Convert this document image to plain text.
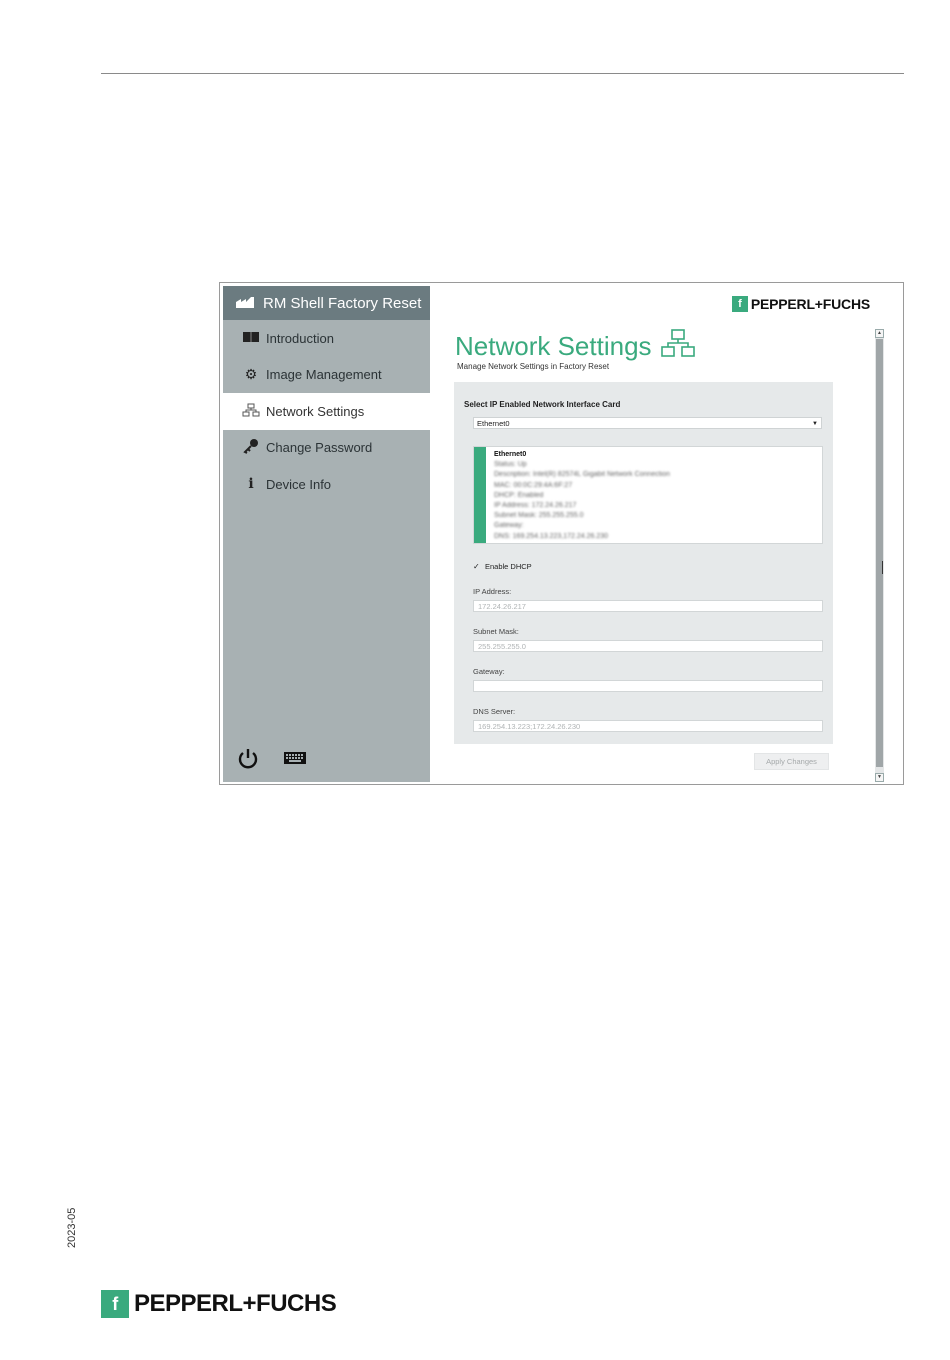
RM Shell Factory Reset
Introduction
⚙ Image Management
Network Settings
Change Password
i Device Info
f PEPPERL+FUCHS
Network Settings
Manage Network Settings in Factory Reset
Select IP Enabled Network Interface Card
Ethernet0	▼
Ethernet0
Status: Up
Description: Intel(R) 82574L Gigabit Network Connection
MAC: 00:0C:29:4A:6F:27
DHCP: Enabled
IP Address: 172.24.26.217
Subnet Mask: 255.255.255.0
Gateway:
DNS: 169.254.13.223,172.24.26.230
✓ Enable DHCP
IP Address:
172.24.26.217
Subnet Mask:
255.255.255.0
Gateway:
DNS Server:
169.254.13.223;172.24.26.230
Apply Changes
▲
▼
2023-05
f PEPPERL+FUCHS
